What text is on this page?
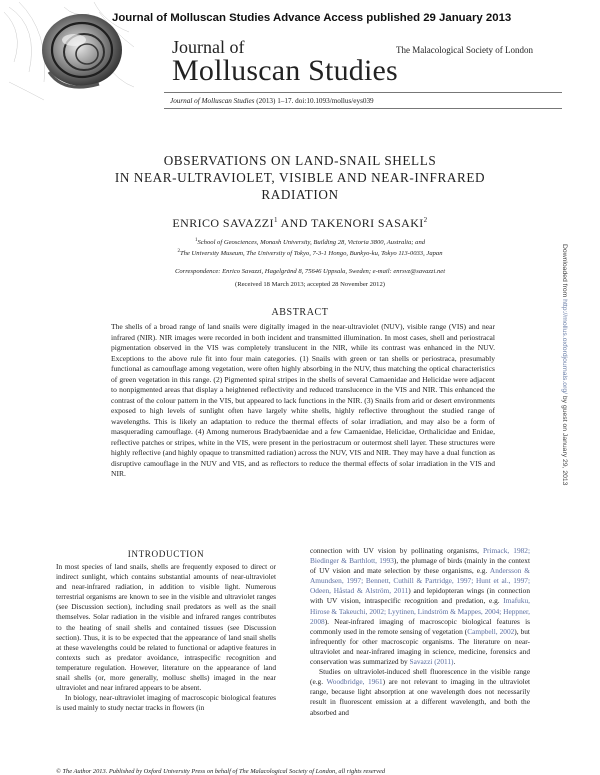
Journal of Molluscan Studies Advance Access published 29 January 2013
Journal of
Molluscan Studies
The Malacological Society of London
Journal of Molluscan Studies (2013) 1–17. doi:10.1093/mollus/eys039
OBSERVATIONS ON LAND-SNAIL SHELLS
IN NEAR-ULTRAVIOLET, VISIBLE AND NEAR-INFRARED
RADIATION
ENRICO SAVAZZI$^1$ AND TAKENORI SASAKI$^2$
$^1$School of Geosciences, Monash University, Building 28, Victoria 3800, Australia; and
$^2$The University Museum, The University of Tokyo, 7-3-1 Hongo, Bunkyo-ku, Tokyo 113-0033, Japan
Correspondence: Enrico Savazzi, Hagelgränd 8, 75646 Uppsala, Sweden; e-mail: enrsvz@savazzi.net
(Received 18 March 2013; accepted 28 November 2012)
ABSTRACT
The shells of a broad range of land snails were digitally imaged in the near-ultraviolet (NUV), visible range (VIS) and near infrared (NIR). NIR images were recorded in both incident and transmitted illumination. In most cases, shell and periostracal pigmentation observed in the VIS was completely translucent in the NIR, while its contrast was enhanced in the NUV. Exceptions to the above rule fit into four main categories. (1) Snails with green or tan shells or periostraca, presumably functional as camouflage among vegetation, were often highly absorbing in the NUV, thus matching the optical characteristics of green vegetation in this range. (2) Pigmented spiral stripes in the shells of several Camaenidae and Helicidae were adjacent to nonpigmented areas that display a heightened reflectivity and reduced translucence in the VIS and NIR. This enhanced the contrast of the colour pattern in the VIS, but appeared to lack functions in the NIR. (3) Snails from arid or desert environments exposed to high levels of sunlight often have largely white shells, highly reflective throughout the studied range of wavelengths. This is likely an adaptation to reduce the thermal effects of solar irradiation, and may also be a form of masquerading camouflage. (4) Among numerous Bradybaenidae and a few Camaenidae, Helicidae, Orthalicidae and Enidae, reflective patches or stripes, white in the VIS, were present in the periostracum or outermost shell layer. These structures were highly reflective (and highly opaque to transmitted radiation) across the NUV, VIS and NIR. They may have a dual function as disruptive camouflage in the NUV and VIS, and as reflectors to reduce the thermal effects of solar irradiation in the VIS and NIR.
Downloaded from http://mollus.oxfordjournals.org/ by guest on January 29, 2013
INTRODUCTION

In most species of land snails, shells are frequently exposed to direct or indirect sunlight, which contains substantial amounts of near-ultraviolet and near-infrared radiation, in addition to visible light. Numerous terrestrial organisms are known to see in the visible and ultraviolet ranges (see Discussion section), including snail predators as well as the snail themselves. Solar radiation in the visible and infrared ranges contributes to the heating of snail shells and contained tissues (see Discussion section). Thus, it is to be expected that the appearance of land snail shells at these wavelengths could be related to functional or adaptive features in contexts such as predator avoidance, intraspecific recognition and temperature regulation. However, literature on the appearance of land snail shells (or, more generally, mollusc shells) imaged in the near ultraviolet and near infrared appears to be absent.

In biology, near-ultraviolet imaging of macroscopic biological features is used mainly to study nectar tracks in flowers (in

connection with UV vision by pollinating organisms, Primack, 1982; Biedinger & Barthlott, 1993), the plumage of birds (mainly in the context of UV vision and mate selection by these organisms, e.g. Andersson & Amundsen, 1997; Bennett, Cuthill & Partridge, 1997; Hunt et al., 1997; Odeen, Håstad & Alström, 2011) and lepidopteran wings (in connection with UV vision, intraspecific recognition and predation, e.g. Imafuku, Hirose & Takeuchi, 2002; Lyytinen, Lindström & Mappes, 2004; Heppner, 2008). Near-infrared imaging of macroscopic biological features is commonly used in the remote sensing of vegetation (Campbell, 2002), but infrequently for other macroscopic organisms. The literature on near-ultraviolet and near-infrared imaging in science, medicine, forensics and conservation was summarized by Savazzi (2011).

Studies on ultraviolet-induced shell fluorescence in the visible range (e.g. Woodbridge, 1961) are not relevant to imaging in the ultraviolet range, because light absorption at one wavelength does not necessarily result in fluorescent emission at a different wavelength, and both the absorbed and

© The Author 2013. Published by Oxford University Press on behalf of The Malacological Society of London, all rights reserved
